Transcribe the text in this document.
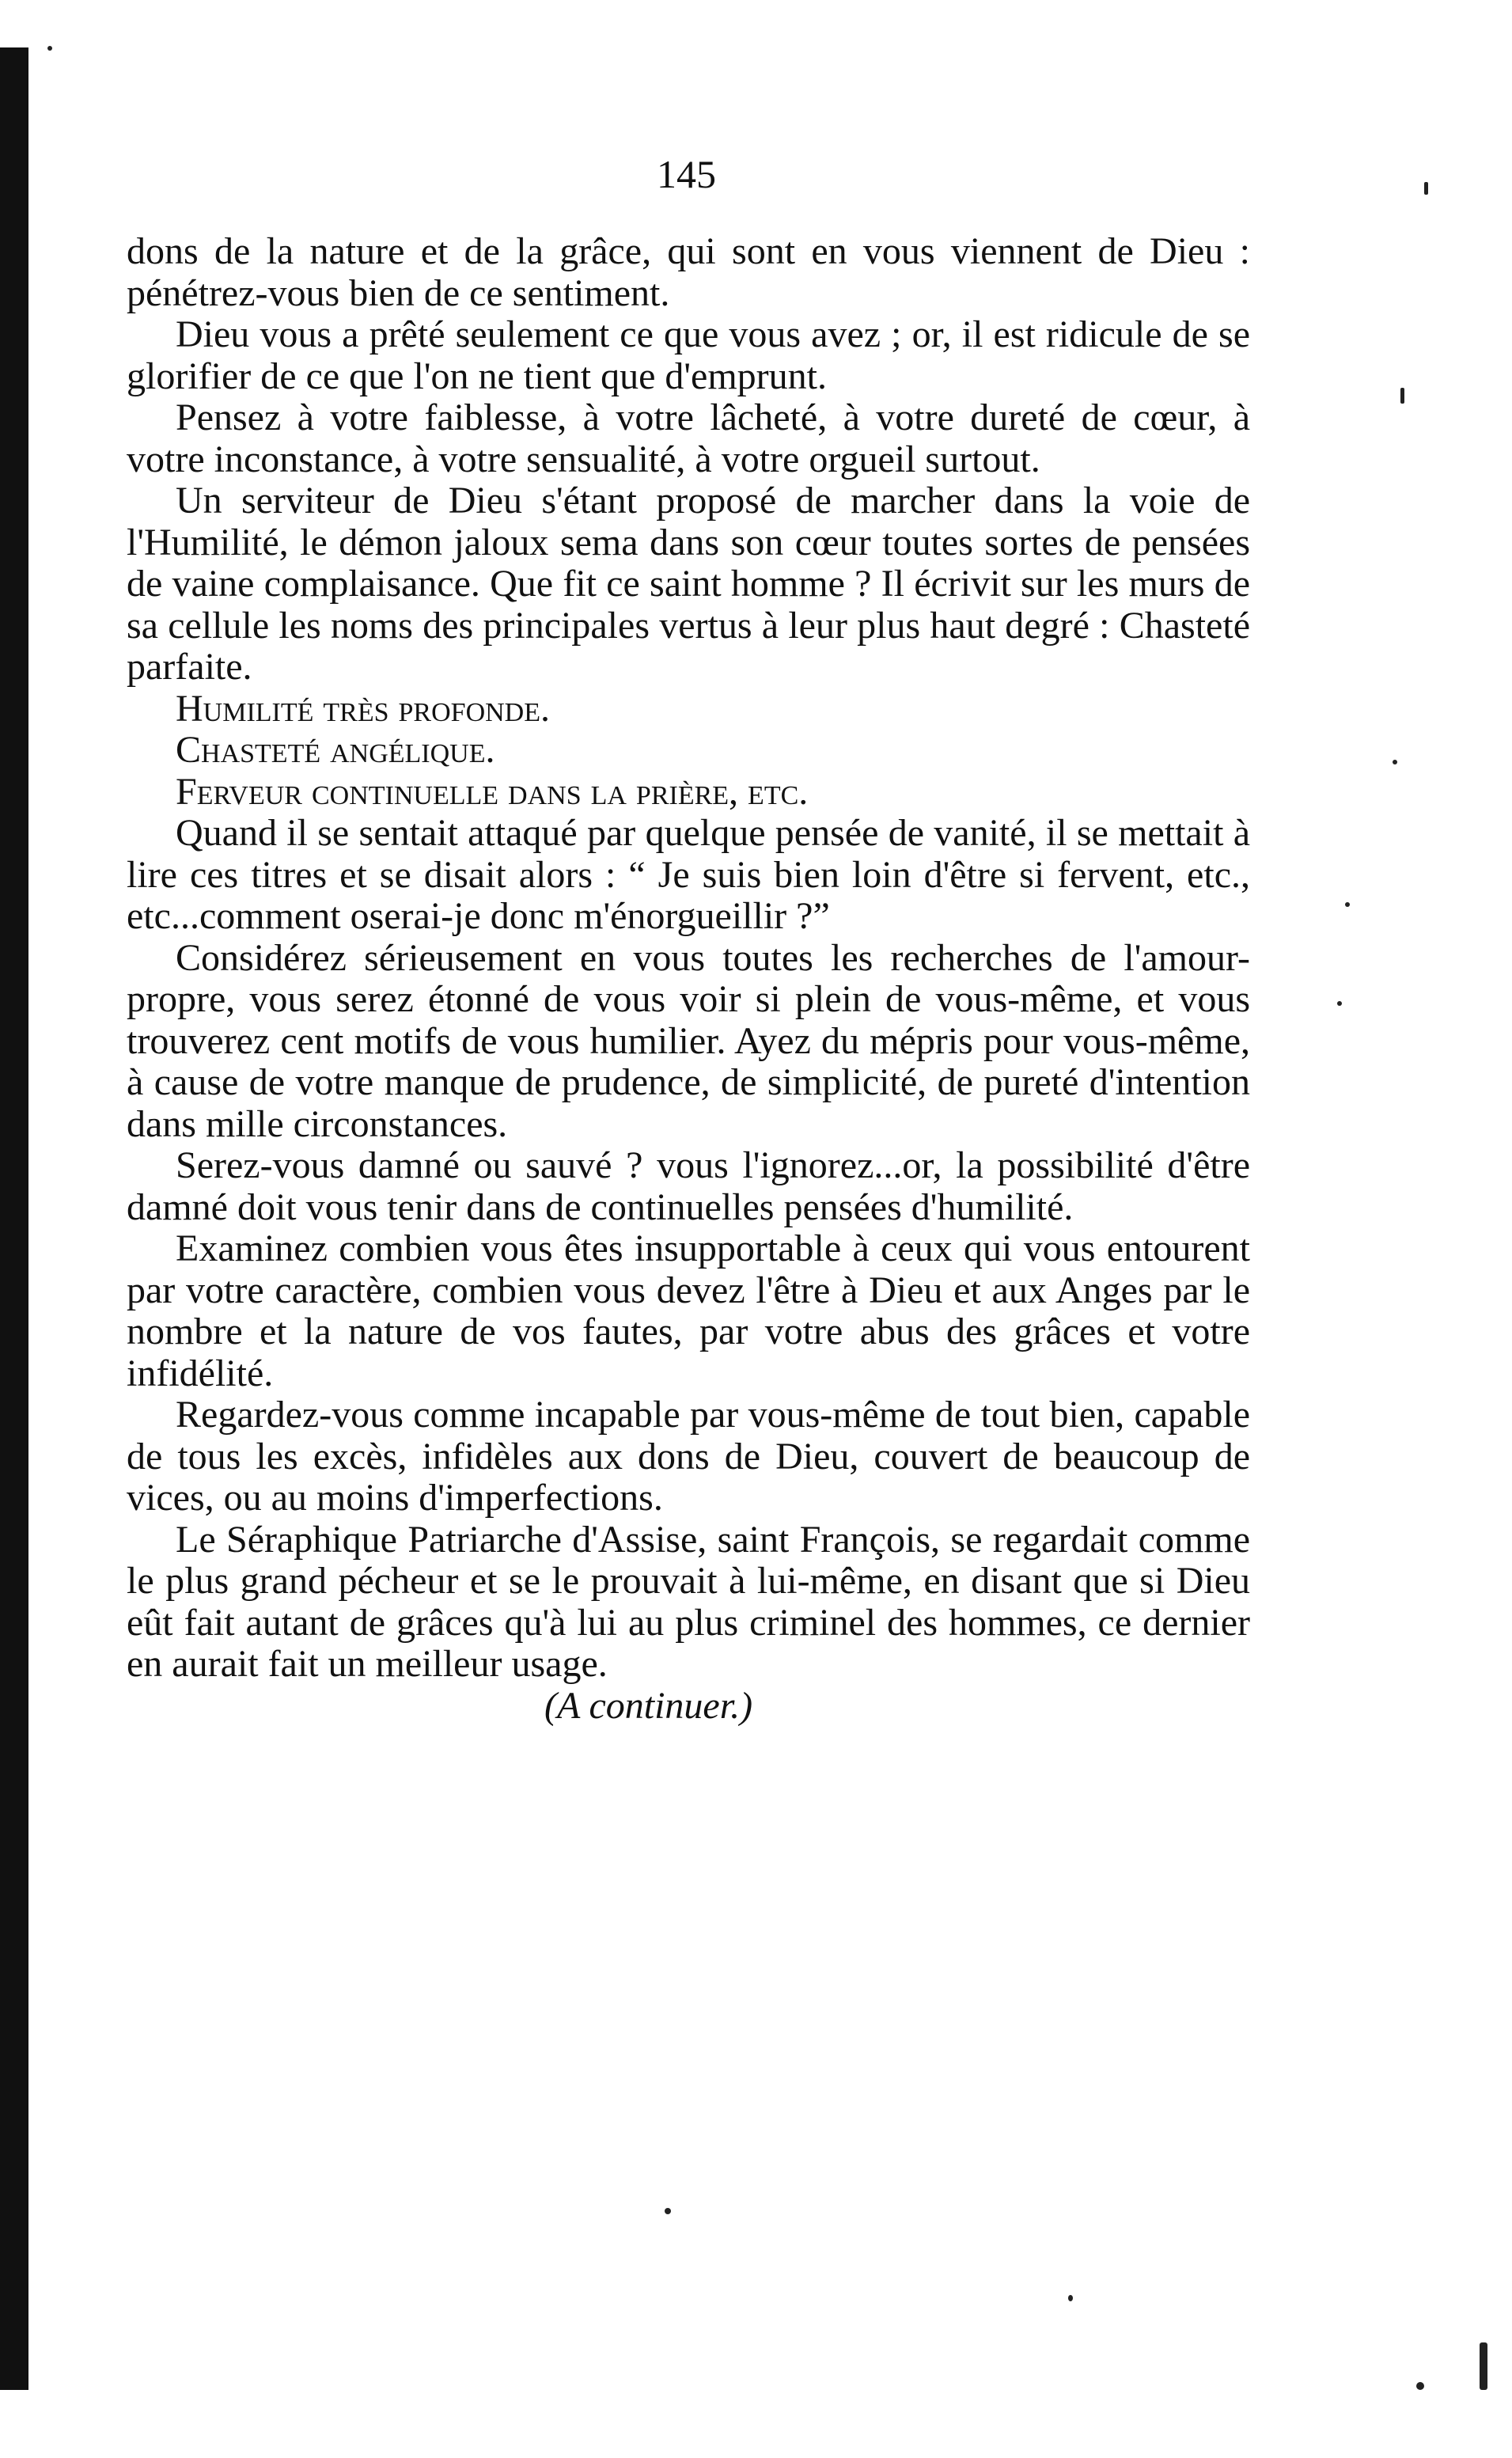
145

dons de la nature et de la grâce, qui sont en vous viennent de Dieu : pénétrez-vous bien de ce sentiment.

Dieu vous a prêté seulement ce que vous avez ; or, il est ridicule de se glorifier de ce que l'on ne tient que d'emprunt.

Pensez à votre faiblesse, à votre lâcheté, à votre dureté de cœur, à votre inconstance, à votre sensualité, à votre orgueil surtout.

Un serviteur de Dieu s'étant proposé de marcher dans la voie de l'Humilité, le démon jaloux sema dans son cœur toutes sortes de pensées de vaine complaisance. Que fit ce saint homme ? Il écrivit sur les murs de sa cellule les noms des principales vertus à leur plus haut degré : Chasteté parfaite.

Humilité très profonde.
Chasteté angélique.
Ferveur continuelle dans la prière, etc.

Quand il se sentait attaqué par quelque pensée de vanité, il se mettait à lire ces titres et se disait alors : “ Je suis bien loin d'être si fervent, etc., etc...comment oserai-je donc m'énorgueillir ?”

Considérez sérieusement en vous toutes les recherches de l'amour-propre, vous serez étonné de vous voir si plein de vous-même, et vous trouverez cent motifs de vous humilier. Ayez du mépris pour vous-même, à cause de votre manque de prudence, de simplicité, de pureté d'intention dans mille circonstances.

Serez-vous damné ou sauvé ? vous l'ignorez...or, la possibilité d'être damné doit vous tenir dans de continuelles pensées d'humilité.

Examinez combien vous êtes insupportable à ceux qui vous entourent par votre caractère, combien vous devez l'être à Dieu et aux Anges par le nombre et la nature de vos fautes, par votre abus des grâces et votre infidélité.

Regardez-vous comme incapable par vous-même de tout bien, capable de tous les excès, infidèles aux dons de Dieu, couvert de beaucoup de vices, ou au moins d'imperfections.

Le Séraphique Patriarche d'Assise, saint François, se regardait comme le plus grand pécheur et se le prouvait à lui-même, en disant que si Dieu eût fait autant de grâces qu'à lui au plus criminel des hommes, ce dernier en aurait fait un meilleur usage.

(A continuer.)
